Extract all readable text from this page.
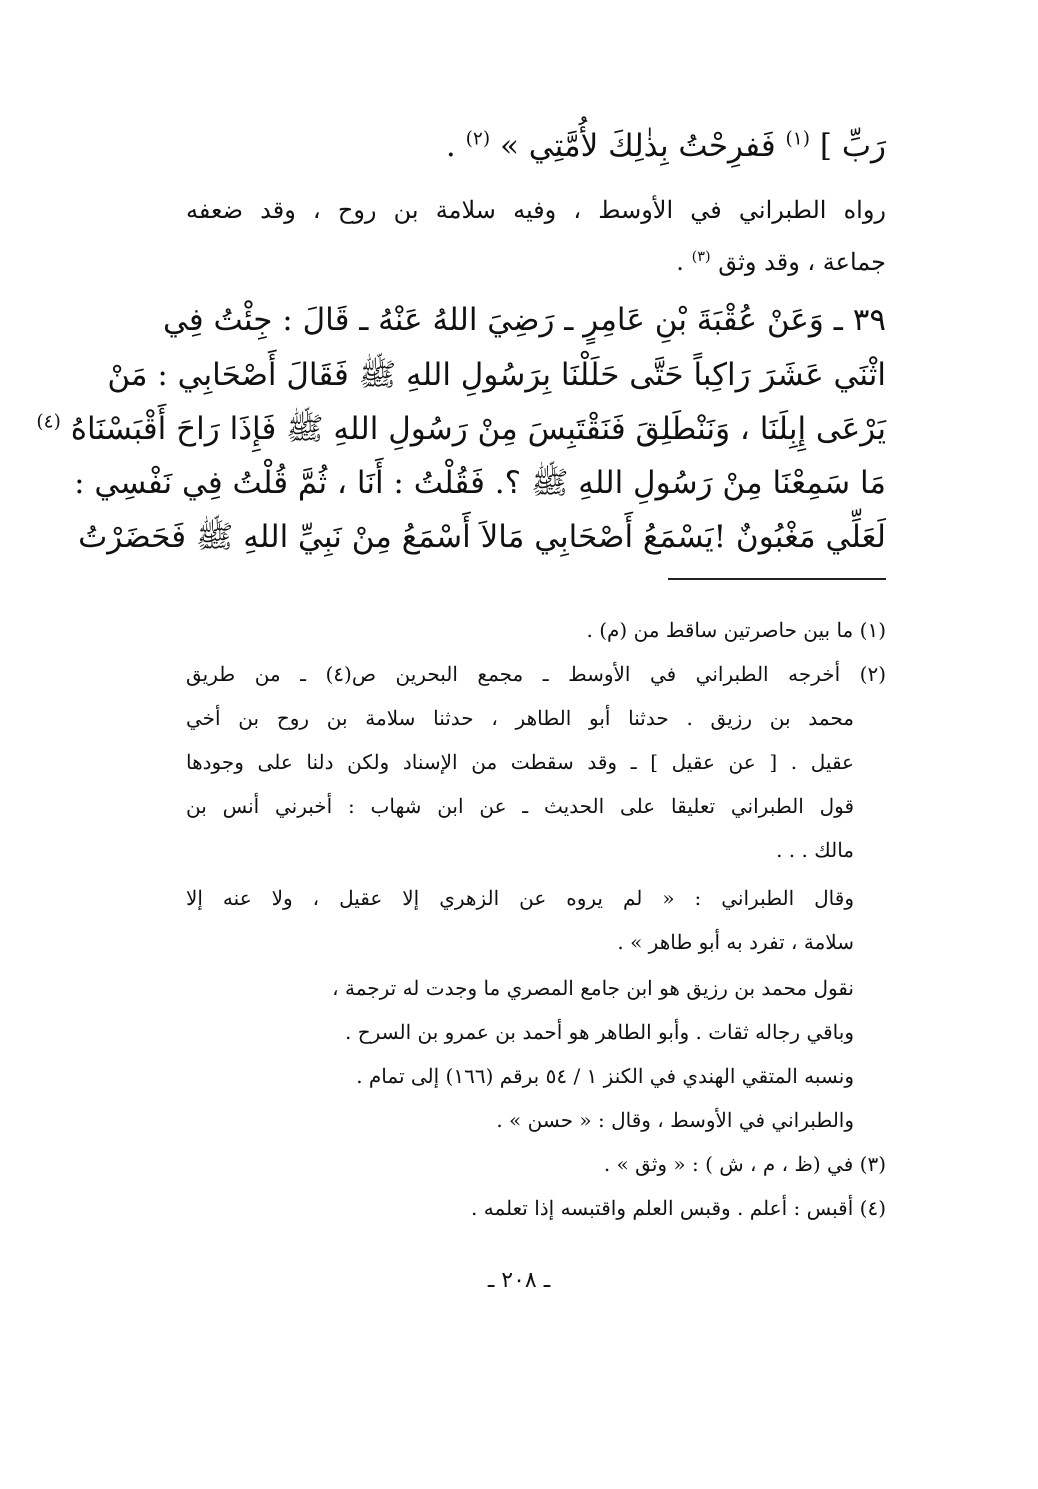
رَبِّ ] $^{(١)}$ فَفرِحْتُ بِذٰلِكَ لأُمَّتِي » $^{(٢)}$ .
رواه الطبراني في الأوسط ، وفيه سلامة بن روح ، وقد ضعفه
جماعة ، وقد وثق $^{(٣)}$ .
٣٩ ـ وَعَنْ عُقْبَةَ بْنِ عَامِرٍ ـ رَضِيَ اللهُ عَنْهُ ـ قَالَ : جِئْتُ فِي
اثْنَي عَشَرَ رَاكِباً حَتَّى حَلَلْنَا بِرَسُولِ اللهِ ﷺ فَقَالَ أَصْحَابِي : مَنْ
يَرْعَى إِبِلَنَا ، وَنَنْطَلِقَ فَنَقْتَبِسَ مِنْ رَسُولِ اللهِ ﷺ فَإِذَا رَاحَ أَقْبَسْنَاهُ $^{(٤)}$
مَا سَمِعْنَا مِنْ رَسُولِ اللهِ ﷺ ؟. فَقُلْتُ : أَنَا ، ثُمَّ قُلْتُ فِي نَفْسِي :
لَعَلِّي مَغْبُونٌ !يَسْمَعُ أَصْحَابِي مَالاَ أَسْمَعُ مِنْ نَبِيِّ اللهِ ﷺ فَحَضَرْتُ
(١) ما بين حاصرتين ساقط من (م) .
(٢) أخرجه الطبراني في الأوسط ـ مجمع البحرين ص(٤) ـ من طريق
محمد بن رزيق . حدثنا أبو الطاهر ، حدثنا سلامة بن روح بن أخي
عقيل . [ عن عقيل ] ـ وقد سقطت من الإسناد ولكن دلنا على وجودها
قول الطبراني تعليقا على الحديث ـ عن ابن شهاب : أخبرني أنس بن
مالك . . .
وقال الطبراني : « لم يروه عن الزهري إلا عقيل ، ولا عنه إلا
سلامة ، تفرد به أبو طاهر » .
نقول محمد بن رزيق هو ابن جامع المصري ما وجدت له ترجمة ،
وباقي رجاله ثقات . وأبو الطاهر هو أحمد بن عمرو بن السرح .
ونسبه المتقي الهندي في الكنز ١ / ٥٤ برقم (١٦٦) إلى تمام .
والطبراني في الأوسط ، وقال : « حسن » .
(٣) في (ظ ، م ، ش ) : « وثق » .
(٤) أقبس : أعلم . وقبس العلم واقتبسه إذا تعلمه .
ـ ٢٠٨ ـ
